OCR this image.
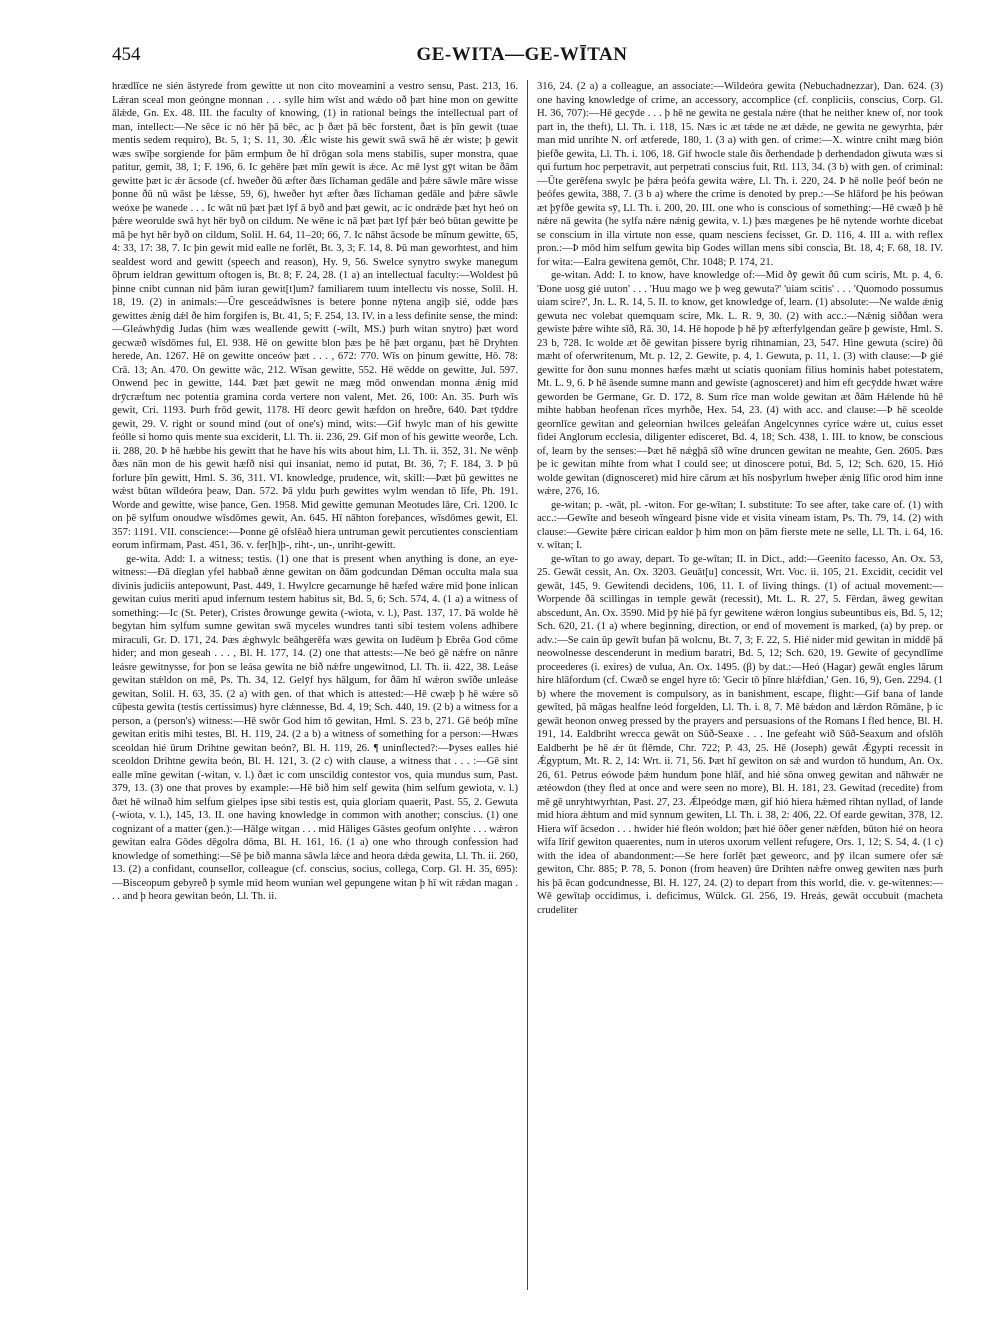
454	GE-WITA—GE-WĪTAN

hrædlīce ne sién āstyrede from gewitte ut non cito moveamini a vestro sensu, Past. 213, 16. Lǽran sceal mon geóngne monnan . . . sylle him wīst and wǽdo oð þæt hine mon on gewitte ālǽde, Gn. Ex. 48. III. the faculty of knowing, (1) in rational beings the intellectual part of man, intellect:—Ne sēce ic nó hēr þā bēc, ac þ ðæt þā bēc forstent, ðæt is þīn gewit (tuae mentis sedem requiro), Bt. 5, 1; S. 11, 30. Ǽlc wiste his gewit swā swā hē ǽr wiste; þ gewit wæs swīþe sorgiende for þām ermþum ðe hī drōgan sola mens stabilis, super monstra, quae patitur, gemit, 38, 1; F. 196, 6. Ic gehēre þæt mīn gewit is ǽce. Ac mē lyst gȳt witan be ðām gewitte þæt ic ǽr ācsode (cf. hweðer ðū æfter ðæs līchaman gedāle and þǽre sāwle māre wisse þonne ðū nū wāst þe lǽsse, 59, 6), hweðer hyt æfter ðæs līchaman gedāle and þǽre sāwle weóxe þe wanede . . . Ic wāt nū þæt þæt lȳf ā byð and þæt gewit, ac ic ondrǽde þæt hyt heó on þǽre weorulde swā hyt hēr byð on cildum. Ne wēne ic nā þæt þæt lȳf þǽr beó būtan gewitte þe mā þe hyt hēr byð on cildum, Solil. H. 64, 11–20; 66, 7. Ic nāhst ācsode be mīnum gewitte, 65, 4: 33, 17: 38, 7. Ic þin gewit mid ealle ne forlēt, Bt. 3, 3; F. 14, 8. Þū man geworhtest, and him sealdest word and gewitt (speech and reason), Hy. 9, 56. Swelce synytro swyke manegum ōþrum ieldran gewittum oftogen is, Bt. 8; F. 24, 28. (1 a) an intellectual faculty:—Woldest þū þinne cnibt cunnan nid þām iuran gewit[t]um? familiarem tuum intellectu vis nosse, Solil. H. 18, 19. (2) in animals:—Ūre gesceádwīsnes is betere þonne nȳtena angiþ sié, odde þæs gewittes ǽnig dǽl ðe him forgifen is, Bt. 41, 5; F. 254, 13. IV. in a less definite sense, the mind:—Gleáwhȳdig Judas (him wæs weallende gewitt (-wilt, MS.) þurh witan snytro) þæt word gecwæð wīsdōmes ful, El. 938. Hē on gewitte blon þæs þe hē þæt organu, þæt hē Dryhten herede, An. 1267. Hē on gewitte onceów þæt . . . , 672: 770. Wīs on þinum gewitte, Hō. 78: Crā. 13; An. 470. On gewitte wāc, 212. Wīsan gewitte, 552. Hē wēdde on gewitte, Jul. 597. Onwend þec in gewitte, 144. Þæt þæt gewit ne mæg mōd onwendan monna ǽnig mid drȳcræftum nec potentia gramina corda vertere non valent, Met. 26, 100: An. 35. Þurh wīs gewit, Cri. 1193. Þurh frōd gewit, 1178. Hī deorc gewit hæfdon on hreðre, 640. Þæt tȳddre gewit, 29. V. right or sound mind (out of one's) mind, wits:—Gif hwylc man of his gewitte feólle si homo quis mente sua exciderit, Ll. Th. ii. 236, 29. Gif mon of his gewitte weorðe, Lch. ii. 288, 20. Þ hē hæbbe his gewitt that he have his wits about him, Ll. Th. ii. 352, 31. Ne wēnþ ðæs nān mon de his gewit hæfð nisi qui insaniat, nemo id putat, Bt. 36, 7; F. 184, 3. Þ þū forlure þīn gewitt, Hml. S. 36, 311. VI. knowledge, prudence, wit, skill:—Þæt þū gewittes ne wǽst būtan wīldeóra þeaw, Dan. 572. Þā yldu þurh gewittes wylm wendan tō līfe, Ph. 191. Worde and gewitte, wise þance, Gen. 1958. Mid gewitte gemunan Meotudes lāre, Cri. 1200. Ic on þē sylfum onoudwe wīsdōmes gewit, An. 645. Hī nāhton foreþances, wīsdōmes gewit, El. 357: 1191. VII. conscience:—Þonne gē ofslēað hiera untruman gewit percutientes conscientiam eorum infirmam, Past. 451, 36. v. fer[h]þ-, riht-, un-, unriht-gewitt.

ge-wita. Add: I. a witness; testis. (1) one that is present when anything is done, an eye-witness:—Ðā dīeglan yfel habbað ǽnne gewitan on ðām godcundan Dēman occulta mala sua divinis judiciis antepowunt, Past. 449, 1. Hwylcre gecarnunge hē hæfed wǽre mid þone inlican gewitan cuius meriti apud infernum testem habitus sit, Bd. 5, 6; Sch. 574, 4. (1 a) a witness of something:—Ic (St. Peter), Cristes ðrowunge gewita (-wiota, v. l.), Past. 137, 17. Þā wolde hē begytan him sylfum sumne gewitan swā myceles wundres tanti sibi testem volens adhibere miraculi, Gr. D. 171, 24. Þæs ǽghwylc beāhgerēfa wæs gewita on Iudēum þ Ebrēa God cōme hider; and mon geseah . . . , Bl. H. 177, 14. (2) one that attests:—Ne beó gē nǽfre on nānre leásre gewitnysse, for þon se leása gewita ne bið nǽfre ungewitnod, Ll. Th. ii. 422, 38. Leáse gewitan stǽldon on mē, Ps. Th. 34, 12. Gelȳf hys hālgum, for ðām hī wǽron swīðe unleáse gewitan, Solil. H. 63, 35. (2 a) with gen. of that which is attested:—Hē cwæþ þ hē wǽre sō cūþesta gewita (testis certissimus) hyre clǽnnesse, Bd. 4, 19; Sch. 440, 19. (2 b) a witness for a person, a (person's) witness:—Hē swōr God him tō gewitan, Hml. S. 23 b, 271. Gē beóþ mīne gewitan eritis mihi testes, Bl. H. 119, 24. (2 a b) a witness of something for a person:—Hwæs sceoldan hié ūrum Drihtne gewitan beón?, Bl. H. 119, 26. ¶ uninflected?:—Þyses ealles hié sceoldon Drihtne gewita beón, Bl. H. 121, 3. (2 c) with clause, a witness that . . . :—Gē sint ealle mīne gewitan (-witan, v. l.) ðæt ic com unscildig contestor vos, quia mundus sum, Past. 379, 13. (3) one that proves by example:—Hē bið him self gewita (him selfum gewiota, v. l.) ðæt hē wilnað him selfum gielpes ipse sibi testis est, quia gloriam quaerit, Past. 55, 2. Gewuta (-wiota, v. l.), 145, 13. II. one having knowledge in common with another; conscius. (1) one cognizant of a matter (gen.):—Hālge witgan . . . mid Hāliges Gāstes geofum onlȳhte . . . wǽron gewitan ealra Gōdes dēgolra dōma, Bl. H. 161, 16. (1 a) one who through confession had knowledge of something:—Sē þe bið manna sāwla lǽce and heora dǽda gewita, Ll. Th. ii. 260, 13. (2) a confidant, counsellor, colleague (cf. conscius, socius, collega, Corp. Gl. H. 35, 695):—Bisceopum gebyreð þ symle mid heom wunian wel gepungene witan þ hī wit rǽdan magan . . . and þ heora gewitan beón, Ll. Th. ii.

316, 24. (2 a) a colleague, an associate:—Wildeóra gewita (Nebuchadnezzar), Dan. 624. (3) one having knowledge of crime, an accessory, accomplice (cf. conpliciis, conscius, Corp. Gl. H. 36, 707):—Hē gecȳde . . . þ hē ne gewita ne gestala nǽre (that he neither knew of, nor took part in, the theft), Ll. Th. i. 118, 15. Næs ic æt tǽde ne æt dǽde, ne gewita ne gewyrhta, þǽr man mid unrihte N. orf ætferede, 180, 1. (3 a) with gen. of crime:—X. wintre cniht mæg bión þiefðe gewita, Ll. Th. i. 106, 18. Gif hwocle stale ðis ðerhendade þ derhendadon giwuta wæs si qui furtum hoc perpetravit, aut perpetrati conscius fuit, Rtl. 113, 34. (3 b) with gen. of criminal:—Ūte gerēfena swylc þe þǽra þeófa gewita wǽre, Ll. Th. i. 220, 24. Þ hē nolle þeóf beón ne þeófes gewita, 388, 7. (3 b a) where the crime is denoted by prep.:—Se hlāford þe his þeówan æt þȳfðe gewita sȳ, Ll. Th. i. 200, 20. III. one who is conscious of something:—Hē cwæð þ hē nǽre nā gewita (he sylfa nǽre nǽnig gewita, v. l.) þæs mægenes þe hē nytende worhte dicebat se conscium in illa virtute non esse, quam nesciens fecisset, Gr. D. 116, 4. III a. with reflex pron.:—Þ mōd him selfum gewita bip Godes willan mens sibi conscia, Bt. 18, 4; F. 68, 18. IV. for wita:—Ealra gewitena gemōt, Chr. 1048; P. 174, 21.

ge-witan. Add: I. to know, have knowledge of:—Mid ðȳ gewit ðū cum sciris, Mt. p. 4, 6. 'Ðone uosg gié uuton' . . . 'Huu mago we þ weg gewuta?' 'uiam scitis' . . . 'Quomodo possumus uiam scire?', Jn. L. R. 14, 5. II. to know, get knowledge of, learn. (1) absolute:—Ne walde ǽnig gewuta nec volebat quemquam scire, Mk. L. R. 9, 30. (2) with acc.:—Nǽnig siððan wera gewiste þǽre wihte sīð, Rā. 30, 14. Hē hopode þ hē þȳ æfterfylgendan geāre þ gewiste, Hml. S. 23 b, 728. Ic wolde æt ðē gewitan þissere byrig rihtnamian, 23, 547. Hine gewuta (scire) ðū mæht of oferwritenum, Mt. p. 12, 2. Gewite, p. 4, 1. Gewuta, p. 11, 1. (3) with clause:—Þ gié gewitte for ðon sunu monnes hæfes mæht ut sciatis quoniam filius hominis habet potestatem, Mt. L. 9, 6. Þ hē āsende sumne mann and gewiste (agnosceret) and him eft gecȳdde hwæt wǽre geworden be Germane, Gr. D. 172, 8. Sum rīce man wolde gewitan æt ðām Hǽlende hū hē mihte habban heofenan rīces myrhðe, Hex. 54, 23. (4) with acc. and clause:—Þ hē sceolde geornlīce gewitan and geleornian hwilces geleáfan Angelcynnes cyrice wǽre ut, cuius esset fidei Anglorum ecclesia, diligenter edisceret, Bd. 4, 18; Sch. 438, 1. III. to know, be conscious of, learn by the senses:—Þæt hē nǽgþā sīð wīne druncen gewitan ne meahte, Gen. 2605. Þæs þe ic gewitan mihte from what I could see; ut dinoscere potui, Bd. 5, 12; Sch. 620, 15. Hió wolde gewitan (dignosceret) mid hire cārum æt hīs nosþyrlum hweþer ǽnig līfic orod him inne wǽre, 276, 16.

ge-witan; p. -wāt, pl. -witon. For ge-wītan; I. substitute: To see after, take care of. (1) with acc.:—Gewīte and beseoh wīngeard þisne vide et visita vineam istam, Ps. Th. 79, 14. (2) with clause:—Gewite þǽre cirican ealdor þ him mon on þām fierste mete ne selle, Ll. Th. i. 64, 16. v. wītan; I.

ge-wītan to go away, depart. To ge-wītan; II. in Dict., add:—Geenito facesso, An. Ox. 53, 25. Gewāt cessit, An. Ox. 3203. Geuāt[u] concessit, Wrt. Voc. ii. 105, 21. Excidit, cecidit vel gewāt, 145, 9. Gewitendi decidens, 106, 11. I. of living things. (1) of actual movement:—Worpende ðā scillingas in temple gewāt (recessit), Mt. L. R. 27, 5. Fērdan, āweg gewitan abscedunt, An. Ox. 3590. Mid þȳ hié þā fyr gewitene wǽron longius subeuntibus eis, Bd. 5, 12; Sch. 620, 21. (1 a) where beginning, direction, or end of movement is marked, (a) by prep. or adv.:—Se cain ūp gewīt bufan þā wolcnu, Bt. 7, 3; F. 22, 5. Hié nider mid gewitan in middē þā neowolnesse descenderunt in medium baratri, Bd. 5, 12; Sch. 620, 19. Gewite of gecyndlīme proceederes (i. exires) de vulua, An. Ox. 1495. (β) by dat.:—Heó (Hagar) gewāt engles lārum hire hlāfordum (cf. Cwæð se engel hyre tō: 'Gecir tō þīnre hlǽfdian,' Gen. 16, 9), Gen. 2294. (1 b) where the movement is compulsory, as in banishment, escape, flight:—Gif bana of lande gewīted, þā māgas healfne leód forgelden, Ll. Th. i. 8, 7. Mē bǽdon and lǽrdon Rōmāne, þ ic gewāt heonon onweg pressed by the prayers and persuasions of the Romans I fled hence, Bl. H. 191, 14. Ealdbriht wrecca gewāt on Sūð-Seaxe . . . Ine gefeaht wið Sūð-Seaxum and ofslōh Ealdberht þe hē ǽr ūt flēmde, Chr. 722; P. 43, 25. Hē (Joseph) gewāt Ǽgypti recessit in Ǽgyptum, Mt. R. 2, 14: Wrt. ii. 71, 56. Þæt hī gewiton on sǽ and wurdon tō hundum, An. Ox. 26, 61. Petrus eówode þǽm hundum þone hlāf, and hié sōna onweg gewitan and nāhwǽr ne ætéowdon (they fled at once and were seen no more), Bl. H. 181, 23. Gewitad (recedite) from mē gē unryhtwyrhtan, Past. 27, 23. Ǽlpeódge mæn, gif hió hiera hǽmed rihtan nyllad, of lande mid hiora ǽhtum and mid synnum gewiten, Ll. Th. i. 38, 2: 406, 22. Of earde gewitan, 378, 12. Hiera wīf ācsedon . . . hwider hié fleón woldon; þæt hié ōðer gener nǽfden, būton hié on heora wīfa līrif gewiton quaerentes, num in uteros uxorum vellent refugere, Ors. 1, 12; S. 54, 4. (1 c) with the idea of abandonment:—Se here forlēt þæt geweorc, and þȳ ilcan sumere ofer sǽ gewiton, Chr. 885; P. 78, 5. Þonon (from heaven) ūre Drihten nǽfre onweg gewiten næs þurh his þā ēcan godcundnesse, Bl. H. 127, 24. (2) to depart from this world, die. v. ge-witennes:—Wē gewītaþ occidimus, i. deficimus, Wülck. Gl. 256, 19. Hreás, gewāt occubuit (macheta crudeliter
